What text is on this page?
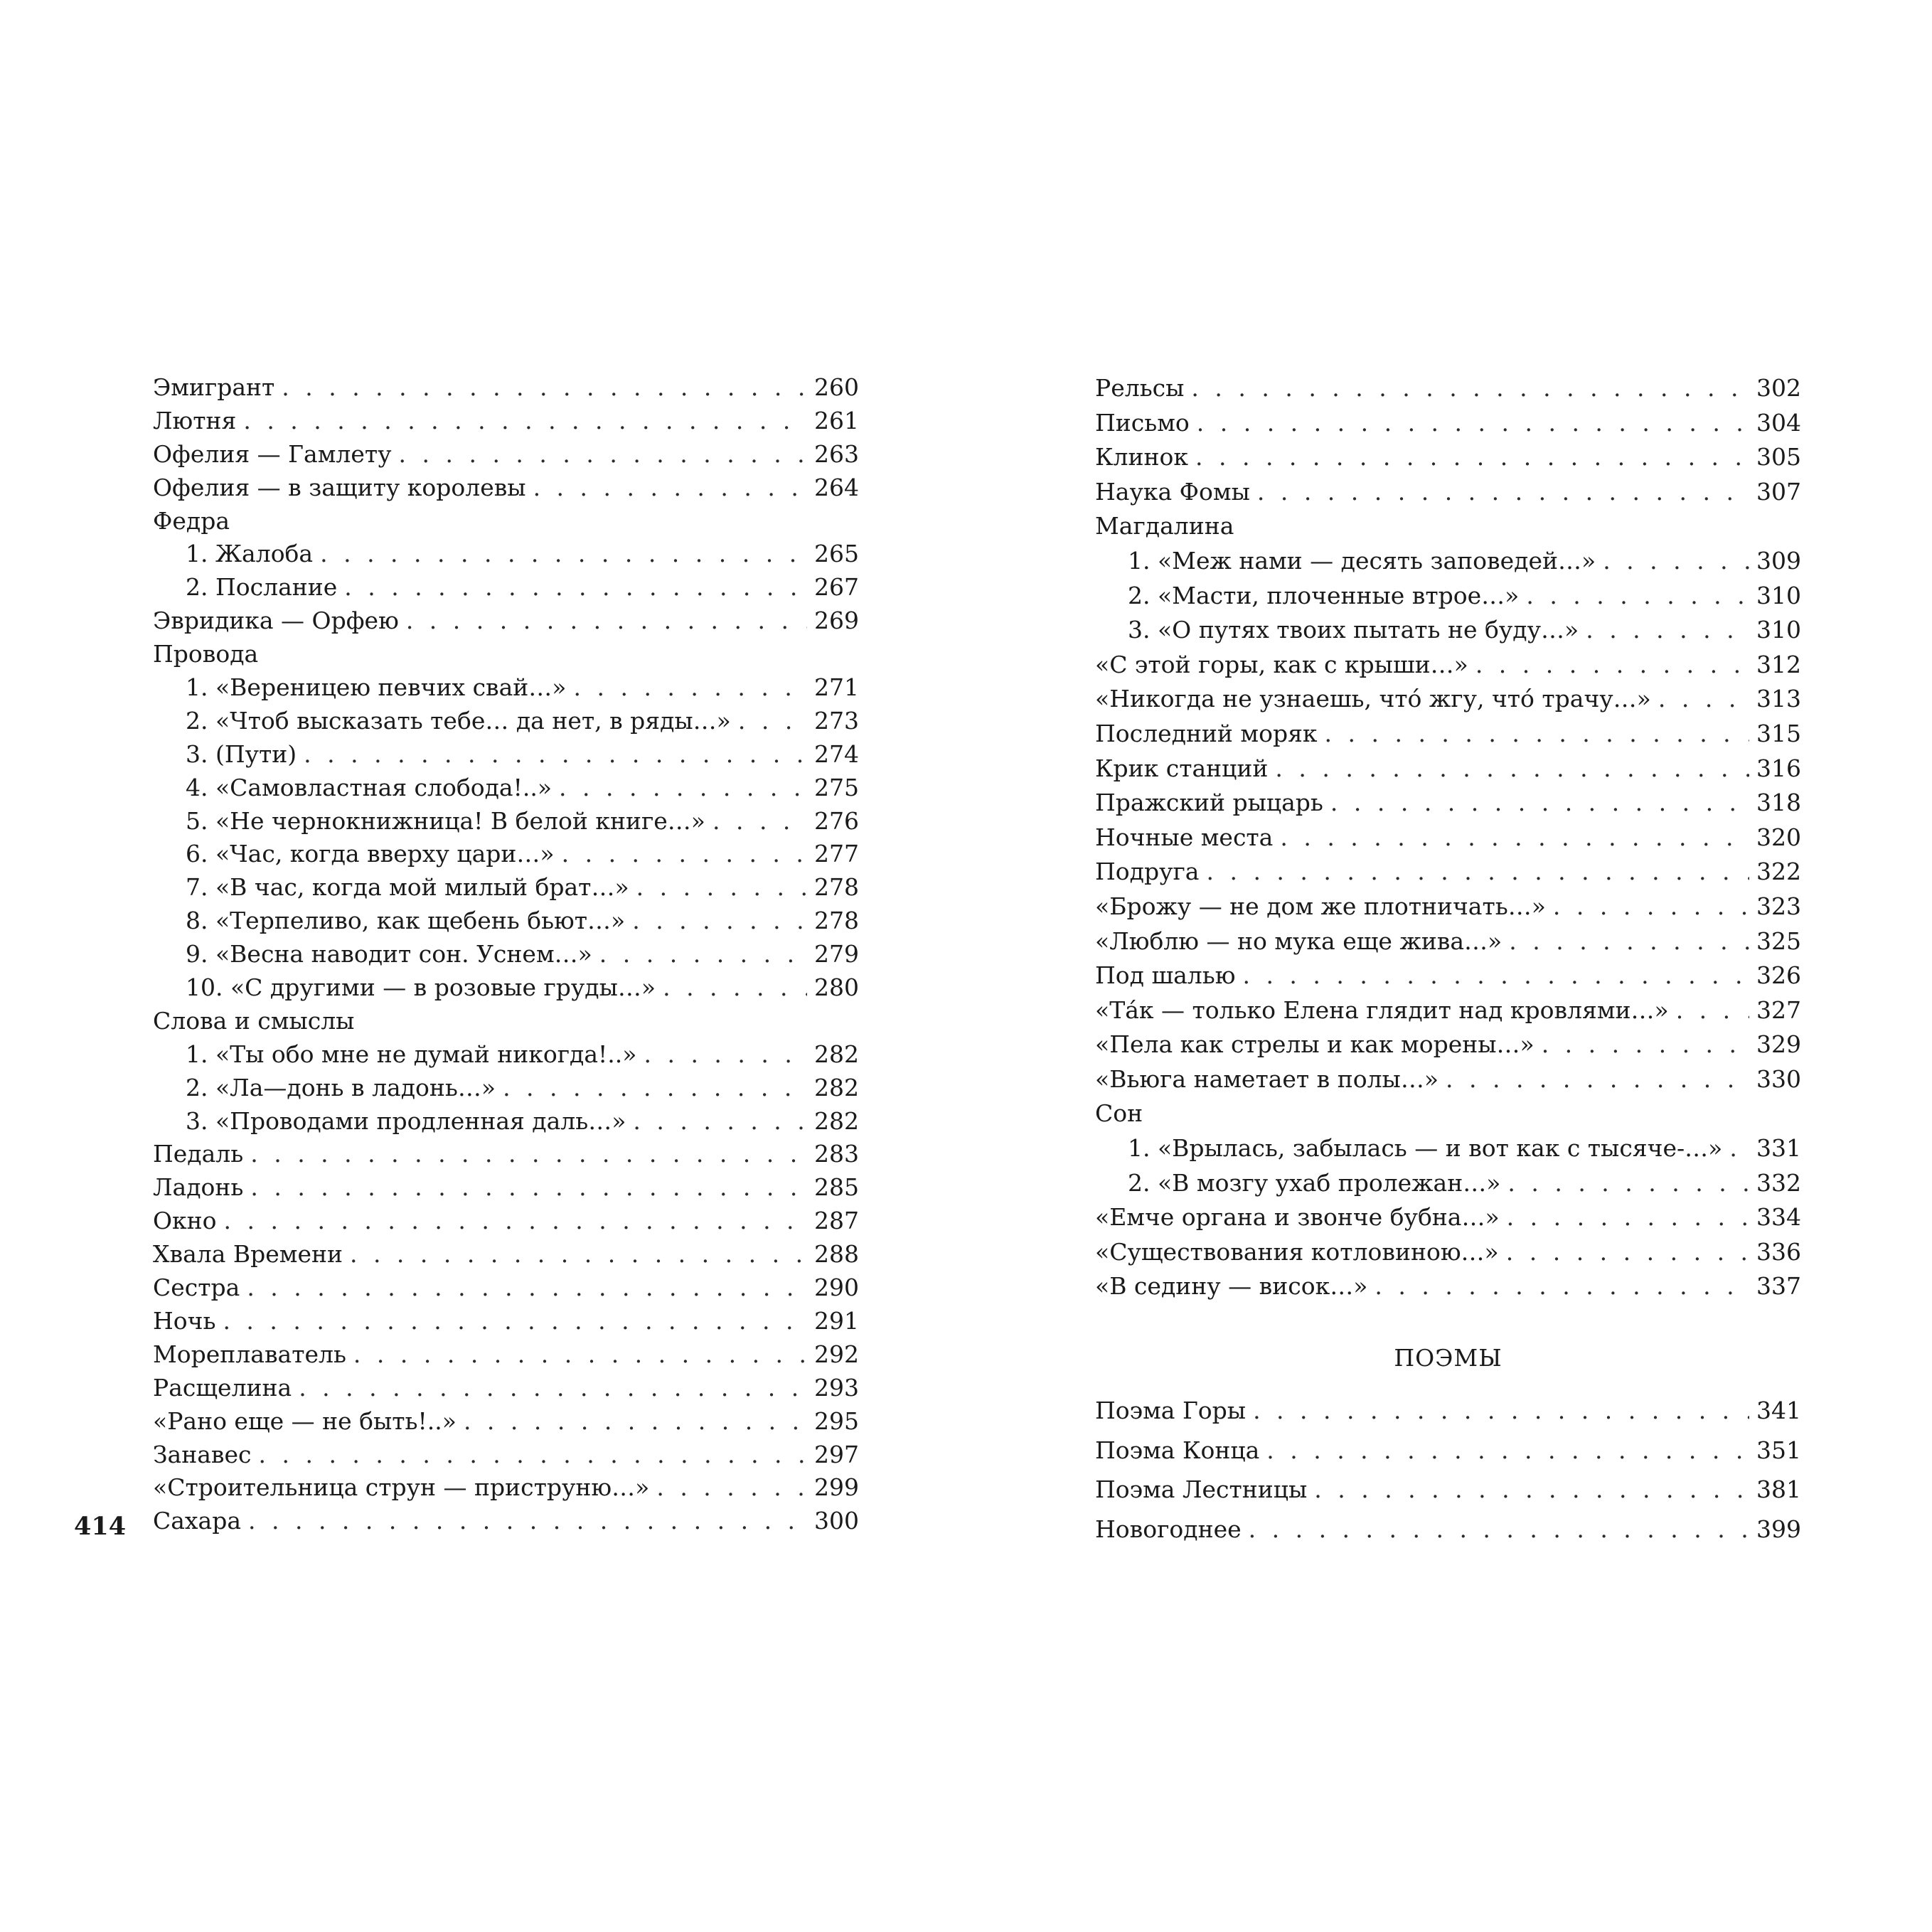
Эмигрант . . .	260
Лютня . . .	261
Офелия — Гамлету . . .	263
Офелия — в защиту королевы . . .	264
Федра
1. Жалоба . . .	265
2. Послание . . .	267
Эвридика — Орфею . . .	269
Провода
1. «Вереницею певчих свай…» . . .	271
2. «Чтоб высказать тебе… да нет, в ряды…» . . .	273
3. (Пути) . . .	274
4. «Самовластная слобода!..» . . .	275
5. «Не чернокнижница! В белой книге…» . . .	276
6. «Час, когда вверху цари…» . . .	277
7. «В час, когда мой милый брат…» . . .	278
8. «Терпеливо, как щебень бьют…» . . .	278
9. «Весна наводит сон. Уснем…» . . .	279
10. «С другими — в розовые груды…» . . .	280
Слова и смыслы
1. «Ты обо мне не думай никогда!..» . . .	282
2. «Ла—донь в ладонь…» . . .	282
3. «Проводами продленная даль…» . . .	282
Педаль . . .	283
Ладонь . . .	285
Окно . . .	287
Хвала Времени . . .	288
Сестра . . .	290
Ночь . . .	291
Мореплаватель . . .	292
Расщелина . . .	293
«Рано еще — не быть!..» . . .	295
Занавес . . .	297
«Строительница струн — приструню…» . . .	299
Сахара . . .	300
Рельсы . . .	302
Письмо . . .	304
Клинок . . .	305
Наука Фомы . . .	307
Магдалина
1. «Меж нами — десять заповедей…» . . .	309
2. «Масти, плоченные втрое…» . . .	310
3. «О путях твоих пытать не буду…» . . .	310
«С этой горы, как с крыши…» . . .	312
«Никогда не узнаешь, что́ жгу, что́ трачу…» . . .	313
Последний моряк . . .	315
Крик станций . . .	316
Пражский рыцарь . . .	318
Ночные места . . .	320
Подруга . . .	322
«Брожу — не дом же плотничать…» . . .	323
«Люблю — но мука еще жива…» . . .	325
Под шалью . . .	326
«Та́к — только Елена глядит над кровлями…» . . .	327
«Пела как стрелы и как морены…» . . .	329
«Вьюга наметает в полы…» . . .	330
Сон
1. «Врылась, забылась — и вот как с тысяче-…» . . . 331
2. «В мозгу ухаб пролежан…» . . .	332
«Емче органа и звонче бубна…» . . .	334
«Существования котловиною…» . . .	336
«В седину — висок…» . . .	337
ПОЭМЫ
Поэма Горы . . .	341
Поэма Конца . . .	351
Поэма Лестницы . . .	381
Новогоднее . . .	399
414
